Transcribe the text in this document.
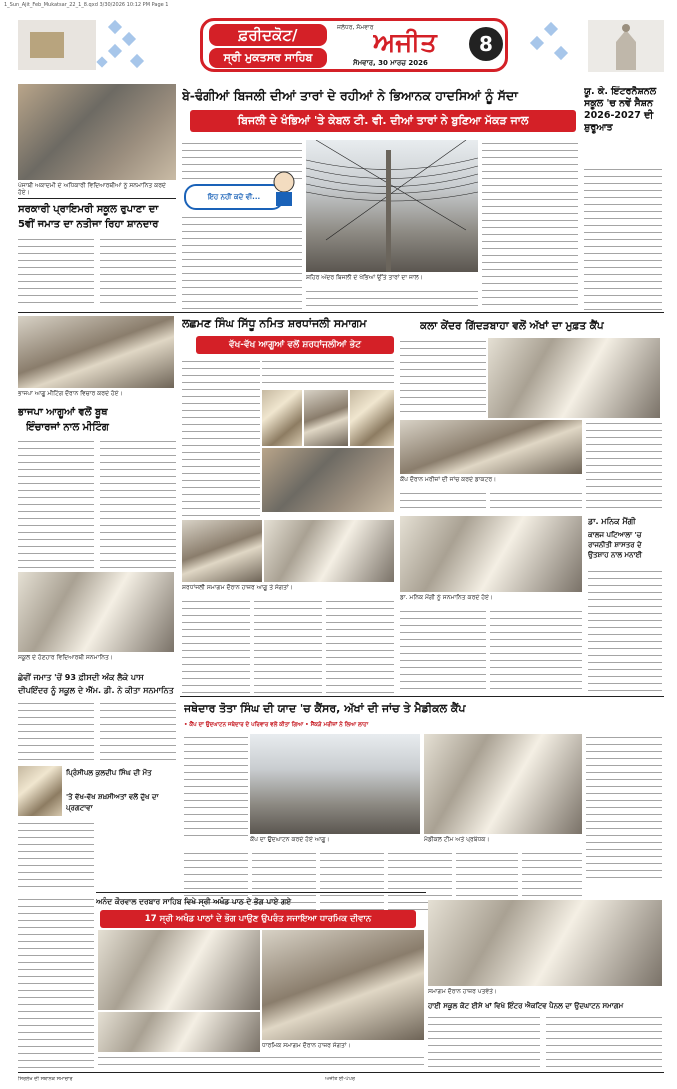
1_Sun_Ajit_Feb_Mukatsar_22_1_8.qxd 3/30/2026 10:12 PM Page 1
ਫ਼ਰੀਦਕੋਟ/
ਸ੍ਰੀ ਮੁਕਤਸਰ ਸਾਹਿਬ
ਜਲੰਧਰ, ਸੋਮਵਾਰ
ਅਜੀਤ
ਸੋਮਵਾਰ, 30 ਮਾਰਚ 2026
8
ਪੰਜਾਬੀ ਅਕਾਦਮੀ ਦੇ ਅਧਿਕਾਰੀ ਵਿਦਿਆਰਥੀਆਂ ਨੂੰ ਸਨਮਾਨਿਤ ਕਰਦੇ ਹੋਏ।
ਸਰਕਾਰੀ ਪ੍ਰਾਇਮਰੀ ਸਕੂਲ ਰੁਪਾਣਾ ਦਾ
5ਵੀਂ ਜਮਾਤ ਦਾ ਨਤੀਜਾ ਰਿਹਾ ਸ਼ਾਨਦਾਰ
ਬੇ-ਢੰਗੀਆਂ ਬਿਜਲੀ ਦੀਆਂ ਤਾਰਾਂ ਦੇ ਰਹੀਆਂ ਨੇ ਭਿਆਨਕ ਹਾਦਸਿਆਂ ਨੂੰ ਸੱਦਾ
ਬਿਜਲੀ ਦੇ ਖੰਭਿਆਂ 'ਤੇ ਕੇਬਲ ਟੀ. ਵੀ. ਦੀਆਂ ਤਾਰਾਂ ਨੇ ਬੁਣਿਆ ਮੱਕੜ ਜਾਲ
ਇਹ ਨਹੀਂ ਕਦੇ ਵੀ...
ਸ਼ਹਿਰ ਅੰਦਰ ਬਿਜਲੀ ਦੇ ਖੰਭਿਆਂ ਉੱਤੇ ਤਾਰਾਂ ਦਾ ਜਾਲ।
ਯੂ. ਕੇ. ਇੰਟਰਨੈਸ਼ਨਲ ਸਕੂਲ 'ਚ ਨਵੇਂ ਸੈਸ਼ਨ 2026-2027 ਦੀ ਸ਼ੁਰੂਆਤ
ਭਾਜਪਾ ਆਗੂ ਮੀਟਿੰਗ ਦੌਰਾਨ ਵਿਚਾਰ ਕਰਦੇ ਹੋਏ।
ਭਾਜਪਾ ਆਗੂਆਂ ਵਲੋਂ ਬੂਥ
ਇੰਚਾਰਜਾਂ ਨਾਲ ਮੀਟਿੰਗ
ਸਕੂਲ ਦੇ ਹੋਣਹਾਰ ਵਿਦਿਆਰਥੀ ਸਨਮਾਨਿਤ।
ਛੇਵੀਂ ਜਮਾਤ 'ਚੋਂ 93 ਫ਼ੀਸਦੀ ਅੰਕ ਲੈਕੇ ਪਾਸ
ਦੀਪਇੰਦਰ ਨੂੰ ਸਕੂਲ ਦੇ ਐੱਮ. ਡੀ. ਨੇ ਕੀਤਾ ਸਨਮਾਨਿਤ
ਪ੍ਰਿੰਸੀਪਲ ਕੁਲਦੀਪ ਸਿੰਘ ਦੀ ਮੌਤ
'ਤੇ ਵੱਖ-ਵੱਖ ਸ਼ਖ਼ਸੀਅਤਾਂ ਵਲੋਂ ਦੁੱਖ ਦਾ ਪ੍ਰਗਟਾਵਾ
ਲਛਮਣ ਸਿੰਘ ਸਿੱਧੂ ਨਮਿਤ ਸ਼ਰਧਾਂਜਲੀ ਸਮਾਗਮ
ਵੱਖ-ਵੱਖ ਆਗੂਆਂ ਵਲੋਂ ਸ਼ਰਧਾਂਜਲੀਆਂ ਭੇਟ
ਸ਼ਰਧਾਂਜਲੀ ਸਮਾਗਮ ਦੌਰਾਨ ਹਾਜ਼ਰ ਆਗੂ ਤੇ ਸੰਗਤਾਂ।
ਕਲਾ ਕੇਂਦਰ ਗਿੱਦੜਬਾਹਾ ਵਲੋਂ ਅੱਖਾਂ ਦਾ ਮੁਫ਼ਤ ਕੈਂਪ
ਕੈਂਪ ਦੌਰਾਨ ਮਰੀਜ਼ਾਂ ਦੀ ਜਾਂਚ ਕਰਦੇ ਡਾਕਟਰ।
ਡਾ. ਮਨਿਕ ਮੈਂਗੀ ਨੂੰ ਸਨਮਾਨਿਤ ਕਰਦੇ ਹੋਏ।
ਡਾ. ਮਨਿਕ ਮੈਂਗੀ
ਕਾਲਜ ਪਟਿਆਲਾ 'ਚ ਰਾਜਨੀਤੀ ਸ਼ਾਸਤਰ ਦੇ ਉਤਸ਼ਾਹ ਨਾਲ ਮਨਾਈ
ਜਥੇਦਾਰ ਤੋਤਾ ਸਿੰਘ ਦੀ ਯਾਦ 'ਚ ਕੈਂਸਰ, ਅੱਖਾਂ ਦੀ ਜਾਂਚ ਤੇ ਮੈਡੀਕਲ ਕੈਂਪ
• ਕੈਂਪ ਦਾ ਉਦਘਾਟਨ ਜਥੇਦਾਰ ਦੇ ਪਰਿਵਾਰ ਵਲੋਂ ਕੀਤਾ ਗਿਆ • ਸੈਂਕੜੇ ਮਰੀਜ਼ਾਂ ਨੇ ਲਿਆ ਲਾਹਾ
ਮੈਡੀਕਲ ਟੀਮ ਅਤੇ ਪ੍ਰਬੰਧਕ।
ਕੈਂਪ ਦਾ ਉਦਘਾਟਨ ਕਰਦੇ ਹੋਏ ਆਗੂ।
ਅਨੰਦ ਕੌਰਵਾਲ ਦਰਬਾਰ ਸਾਹਿਬ ਵਿਖੇ ਸ੍ਰੀ ਅਖੰਡ ਪਾਠ ਦੇ ਭੋਗ ਪਾਏ ਗਏ
17 ਸ੍ਰੀ ਅਖੰਡ ਪਾਠਾਂ ਦੇ ਭੋਗ ਪਾਉਣ ਉਪਰੰਤ ਸਜਾਇਆ ਧਾਰਮਿਕ ਦੀਵਾਨ
ਧਾਰਮਿਕ ਸਮਾਗਮ ਦੌਰਾਨ ਹਾਜ਼ਰ ਸੰਗਤਾਂ।
ਸਮਾਗਮ ਦੌਰਾਨ ਹਾਜ਼ਰ ਪਤਵੰਤੇ।
ਹਾਈ ਸਕੂਲ ਕੋਟ ਈਸੇ ਖਾਂ ਵਿਖੇ ਇੰਟਰ ਐਕਟਿਵ ਪੈਨਲ ਦਾ ਉਦਘਾਟਨ ਸਮਾਗਮ
ਸਿਰਲੇਖ ਦੀ ਸਥਾਨਕ ਸਮਾਚਾਰ	ਅਜੀਤ ਈ-ਪੇਪਰ
